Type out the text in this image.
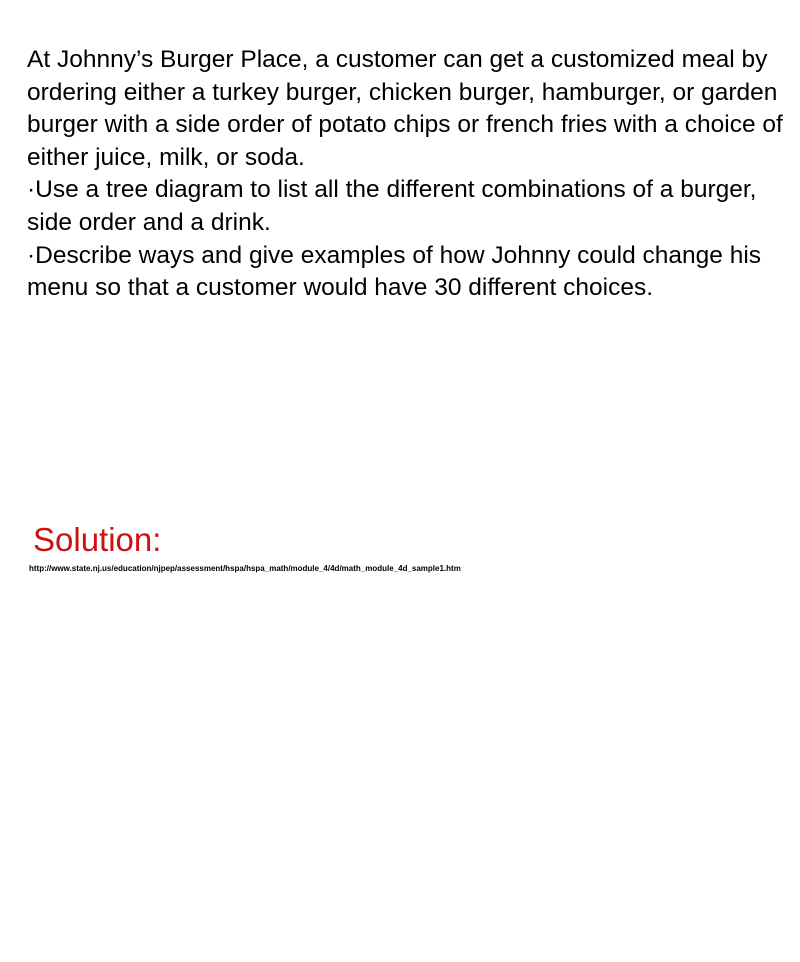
At Johnny’s Burger Place, a customer can get a customized meal by ordering either a turkey burger, chicken burger, hamburger, or garden burger with a side order of potato chips or french fries with a choice of either juice, milk, or soda.

·Use a tree diagram to list all the different combinations of a burger, side order and a drink.

·Describe ways and give examples of how Johnny could change his menu so that a customer would have 30 different choices.

Solution:
http://www.state.nj.us/education/njpep/assessment/hspa/hspa_math/module_4/4d/math_module_4d_sample1.htm
